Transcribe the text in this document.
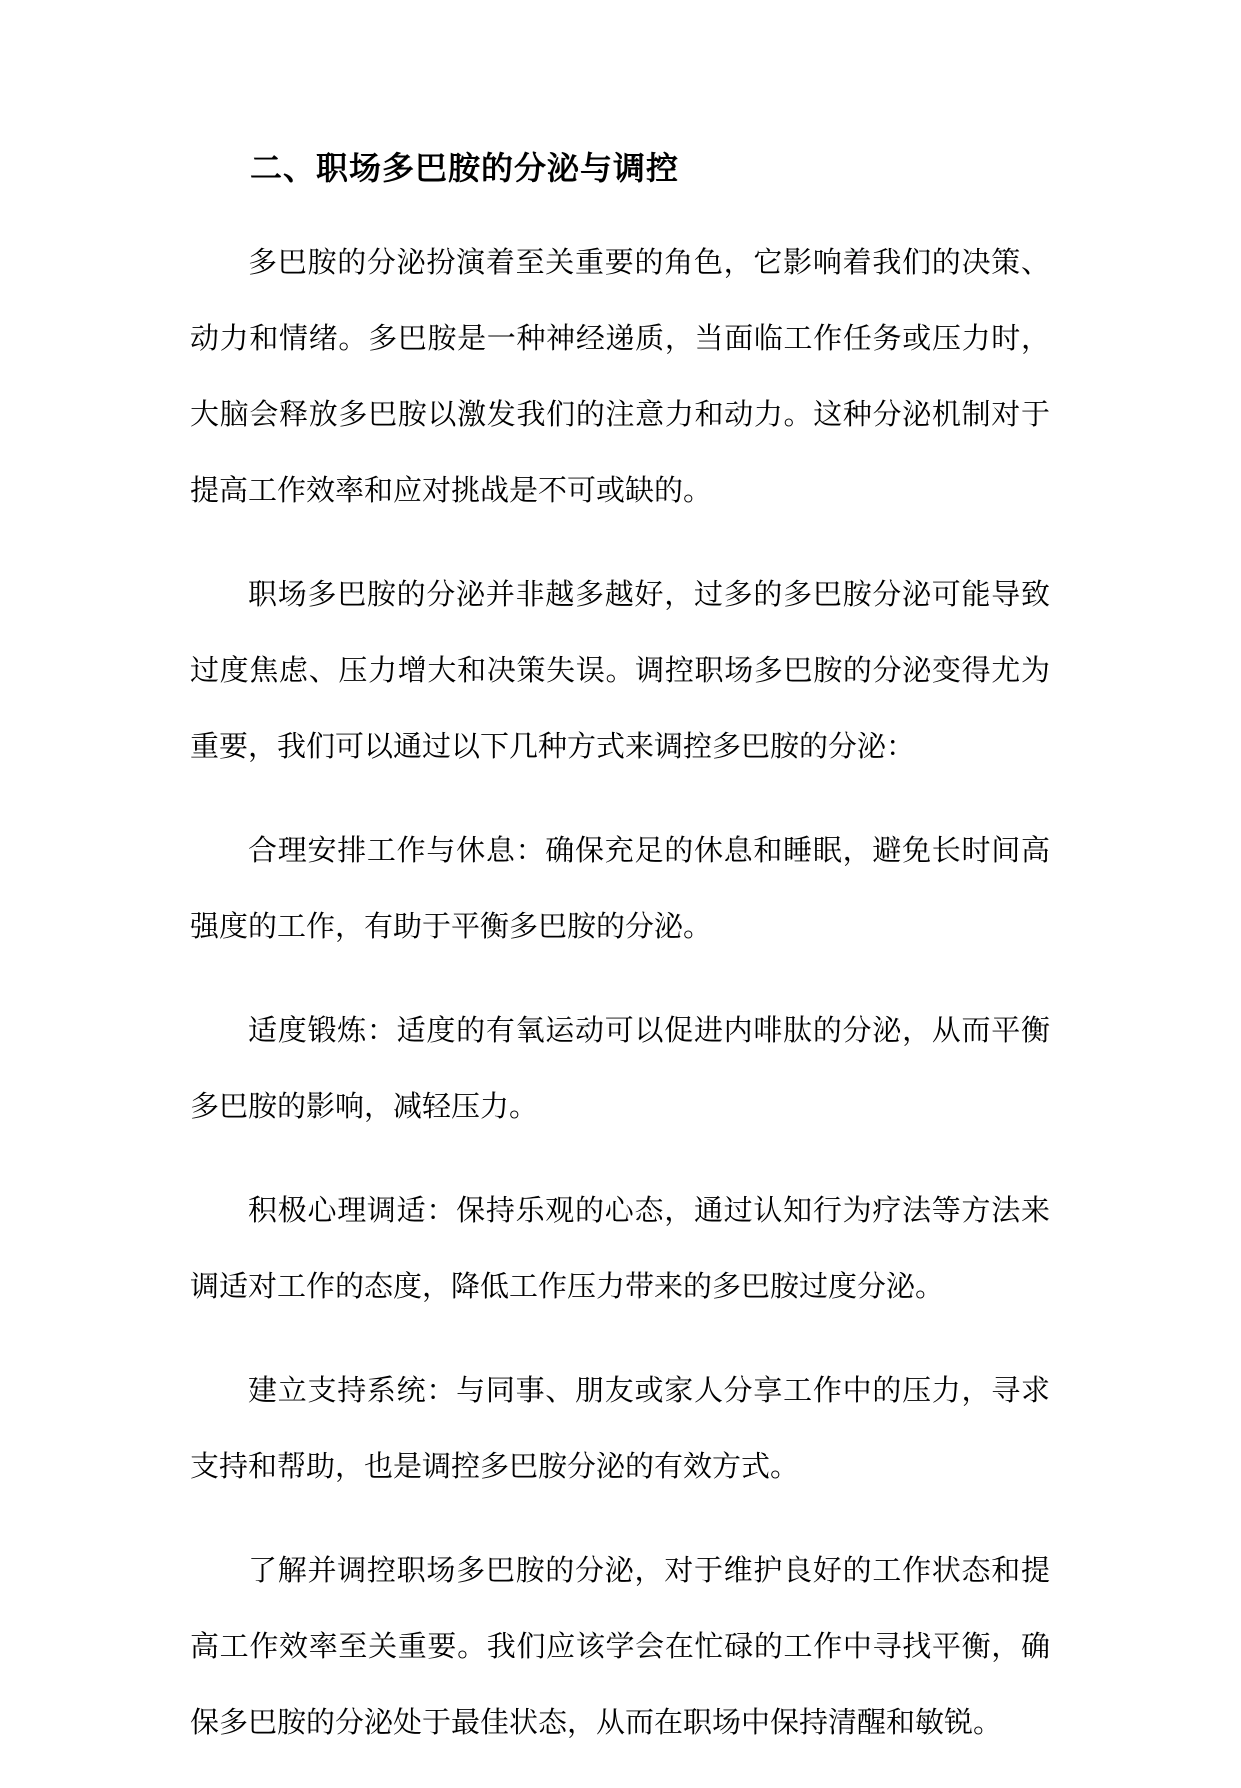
二、职场多巴胺的分泌与调控

多巴胺的分泌扮演着至关重要的角色，它影响着我们的决策、动力和情绪。多巴胺是一种神经递质，当面临工作任务或压力时，大脑会释放多巴胺以激发我们的注意力和动力。这种分泌机制对于提高工作效率和应对挑战是不可或缺的。

职场多巴胺的分泌并非越多越好，过多的多巴胺分泌可能导致过度焦虑、压力增大和决策失误。调控职场多巴胺的分泌变得尤为重要，我们可以通过以下几种方式来调控多巴胺的分泌：

合理安排工作与休息：确保充足的休息和睡眠，避免长时间高强度的工作，有助于平衡多巴胺的分泌。

适度锻炼：适度的有氧运动可以促进内啡肽的分泌，从而平衡多巴胺的影响，减轻压力。

积极心理调适：保持乐观的心态，通过认知行为疗法等方法来调适对工作的态度，降低工作压力带来的多巴胺过度分泌。

建立支持系统：与同事、朋友或家人分享工作中的压力，寻求支持和帮助，也是调控多巴胺分泌的有效方式。

了解并调控职场多巴胺的分泌，对于维护良好的工作状态和提高工作效率至关重要。我们应该学会在忙碌的工作中寻找平衡，确保多巴胺的分泌处于最佳状态，从而在职场中保持清醒和敏锐。
